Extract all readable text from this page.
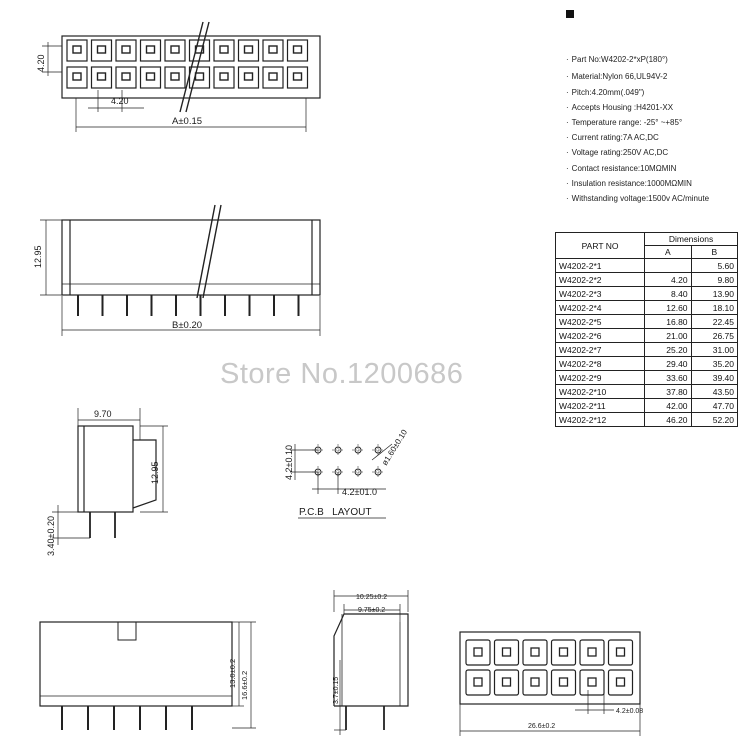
4.20
4.20
A±0.15
12.95
B±0.20
9.70
12.95
3.40±0.20
4.2±0.10
4.2±01.0
ø1.60±0.10
P.C.B   LAYOUT
13.0±0.2 16.6±0.2
10.25±0.2
9.75±0.2
3.7±0.15
26.6±0.2
4.2±0.08
· Part No:W4202-2*xP(180°)
· Material:Nylon 66,UL94V-2
· Pitch:4.20mm(.049")
· Accepts Housing :H4201-XX
· Temperature range: -25° ~+85°
· Current rating:7A AC,DC
· Voltage rating:250V AC,DC
· Contact resistance:10MΩMIN
· Insulation resistance:1000MΩMIN
· Withstanding voltage:1500v AC/minute
PART NO	Dimensions	
	A	B
W4202-2*1		5.60
W4202-2*2	4.20	9.80
W4202-2*3	8.40	13.90
W4202-2*4	12.60	18.10
W4202-2*5	16.80	22.45
W4202-2*6	21.00	26.75
W4202-2*7	25.20	31.00
W4202-2*8	29.40	35.20
W4202-2*9	33.60	39.40
W4202-2*10	37.80	43.50
W4202-2*11	42.00	47.70
W4202-2*12	46.20	52.20
Store No.1200686
